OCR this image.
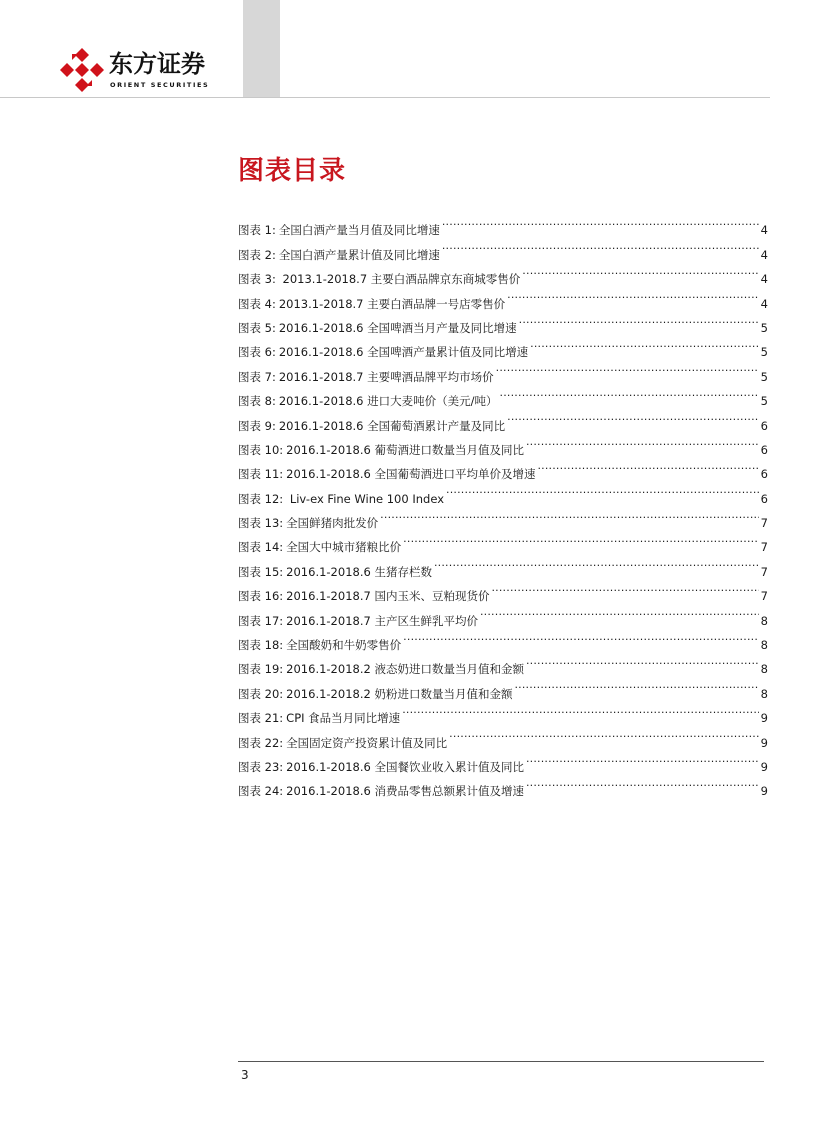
东方证券
ORIENT SECURITIES
图表目录
图表 1: 全国白酒产量当月值及同比增速 .....	4
图表 2: 全国白酒产量累计值及同比增速 .....	4
图表 3: 2013.1-2018.7 主要白酒品牌京东商城零售价 .....	4
图表 4: 2013.1-2018.7 主要白酒品牌一号店零售价 .....	4
图表 5: 2016.1-2018.6 全国啤酒当月产量及同比增速 .....	5
图表 6: 2016.1-2018.6 全国啤酒产量累计值及同比增速 .....	5
图表 7: 2016.1-2018.7 主要啤酒品牌平均市场价 .....	5
图表 8: 2016.1-2018.6 进口大麦吨价（美元/吨） .....	5
图表 9: 2016.1-2018.6 全国葡萄酒累计产量及同比 .....	6
图表 10: 2016.1-2018.6 葡萄酒进口数量当月值及同比 .....	6
图表 11: 2016.1-2018.6 全国葡萄酒进口平均单价及增速 .....	6
图表 12: Liv-ex Fine Wine 100 Index .....	6
图表 13: 全国鲜猪肉批发价 .....	7
图表 14: 全国大中城市猪粮比价 .....	7
图表 15: 2016.1-2018.6 生猪存栏数 .....	7
图表 16: 2016.1-2018.7 国内玉米、豆粕现货价 .....	7
图表 17: 2016.1-2018.7 主产区生鲜乳平均价 .....	8
图表 18: 全国酸奶和牛奶零售价 .....	8
图表 19: 2016.1-2018.2 液态奶进口数量当月值和金额 .....	8
图表 20: 2016.1-2018.2 奶粉进口数量当月值和金额 .....	8
图表 21: CPI 食品当月同比增速 .....	9
图表 22: 全国固定资产投资累计值及同比 .....	9
图表 23: 2016.1-2018.6 全国餐饮业收入累计值及同比 .....	9
图表 24: 2016.1-2018.6 消费品零售总额累计值及增速 .....	9
3
